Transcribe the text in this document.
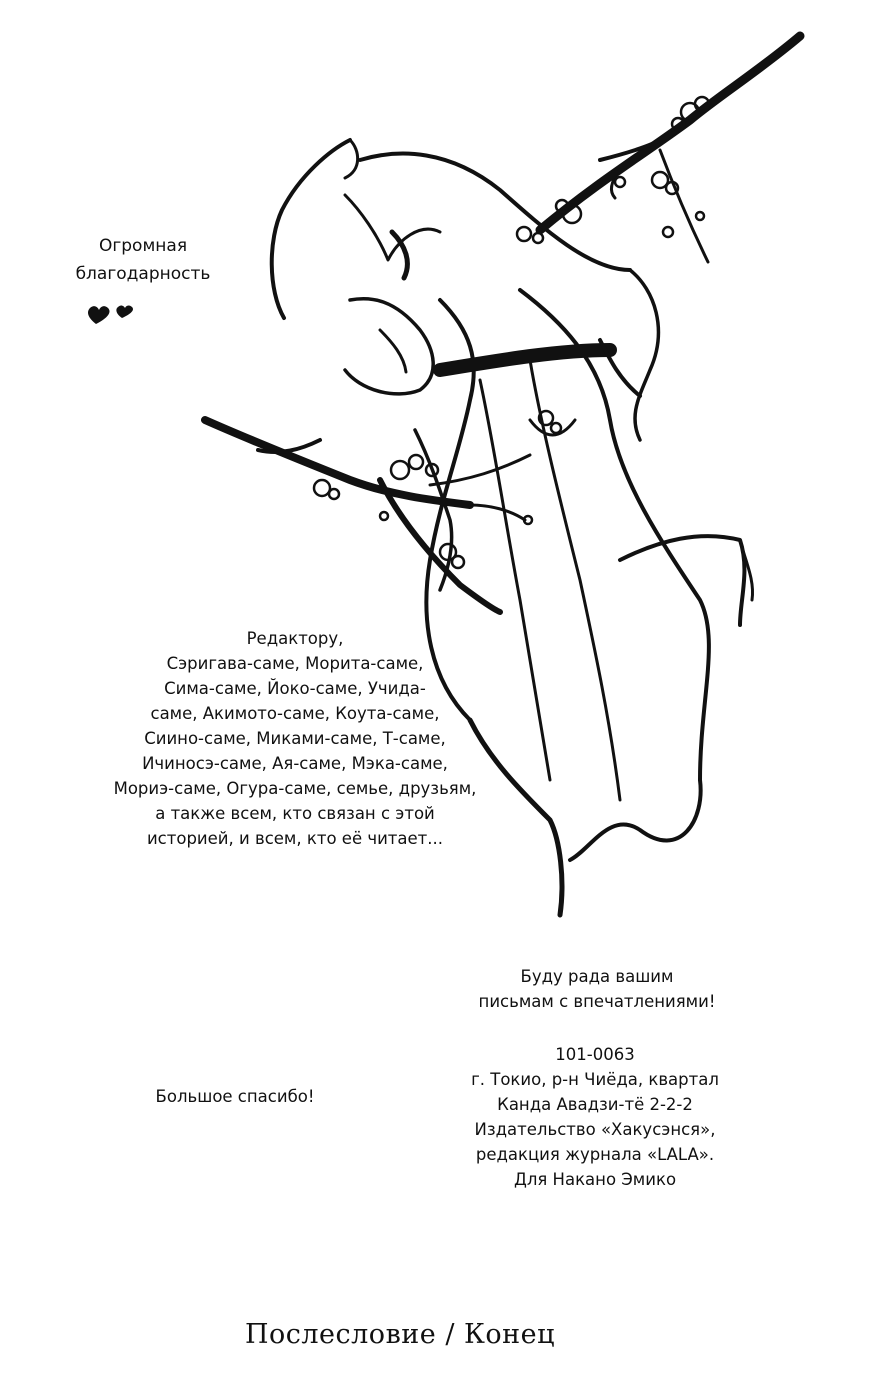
Огромная
благодарность
Редактору,
Сэригава-саме, Морита-саме,
Сима-саме, Йоко-саме, Учида-
саме, Акимото-саме, Коута-саме,
Сиино-саме, Миками-саме, Т-саме,
Ичиносэ-саме, Ая-саме, Мэка-саме,
Мориэ-саме, Огура-саме, семье, друзьям,
а также всем, кто связан с этой
историей, и всем, кто её читает...
Буду рада вашим
письмам с впечатлениями!
101-0063
г. Токио, р-н Чиёда, квартал
Канда Авадзи-тё 2-2-2
Издательство «Хакусэнся»,
редакция журнала «LALA».
Для Накано Эмико
Большое спасибо!
Послесловие / Конец
